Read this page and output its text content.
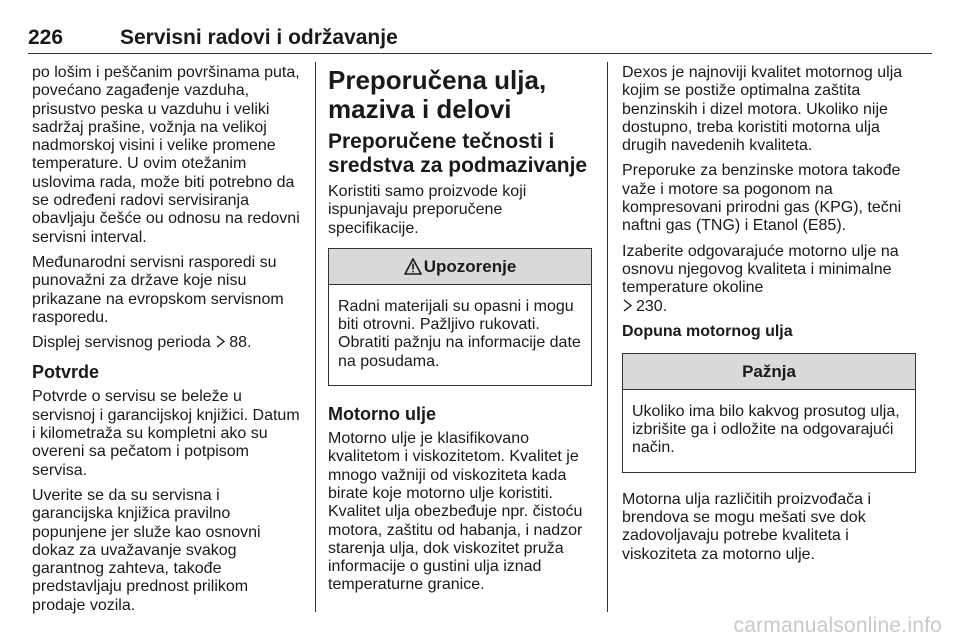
226	Servisni radovi i održavanje

po lošim i peščanim površinama puta, povećano zagađenje vazduha, prisustvo peska u vazduhu i veliki sadržaj prašine, vožnja na velikoj nadmorskoj visini i velike promene temperature. U ovim otežanim uslovima rada, može biti potrebno da se određeni radovi servisiranja obavljaju češće ou odnosu na redovni servisni interval.

Međunarodni servisni rasporedi su punovažni za države koje nisu prikazane na evropskom servisnom rasporedu.

Displej servisnog perioda 88.

Potvrde

Potvrde o servisu se beleže u servisnoj i garancijskoj knjižici. Datum i kilometraža su kompletni ako su overeni sa pečatom i potpisom servisa.

Uverite se da su servisna i garancijska knjižica pravilno popunjene jer služe kao osnovni dokaz za uvažavanje svakog garantnog zahteva, takođe predstavljaju prednost prilikom prodaje vozila.

Preporučena ulja, maziva i delovi
Preporučene tečnosti i sredstva za podmazivanje

Koristiti samo proizvode koji ispunjavaju preporučene specifikacije.

Upozorenje

Radni materijali su opasni i mogu biti otrovni. Pažljivo rukovati. Obratiti pažnju na informacije date na posudama.

Motorno ulje

Motorno ulje je klasifikovano kvalitetom i viskozitetom. Kvalitet je mnogo važniji od viskoziteta kada birate koje motorno ulje koristiti. Kvalitet ulja obezbeđuje npr. čistoću motora, zaštitu od habanja, i nadzor starenja ulja, dok viskozitet pruža informacije o gustini ulja iznad temperaturne granice.

Dexos je najnoviji kvalitet motornog ulja kojim se postiže optimalna zaštita benzinskih i dizel motora. Ukoliko nije dostupno, treba koristiti motorna ulja drugih navedenih kvaliteta.

Preporuke za benzinske motora takođe važe i motore sa pogonom na kompresovani prirodni gas (KPG), tečni naftni gas (TNG) i Etanol (E85).

Izaberite odgovarajuće motorno ulje na osnovu njegovog kvaliteta i minimalne temperature okoline
230.

Dopuna motornog ulja
Pažnja

Ukoliko ima bilo kakvog prosutog ulja, izbrišite ga i odložite na odgovarajući način.

Motorna ulja različitih proizvođača i brendova se mogu mešati sve dok zadovoljavaju potrebe kvaliteta i viskoziteta za motorno ulje.

carmanualsonline.info
